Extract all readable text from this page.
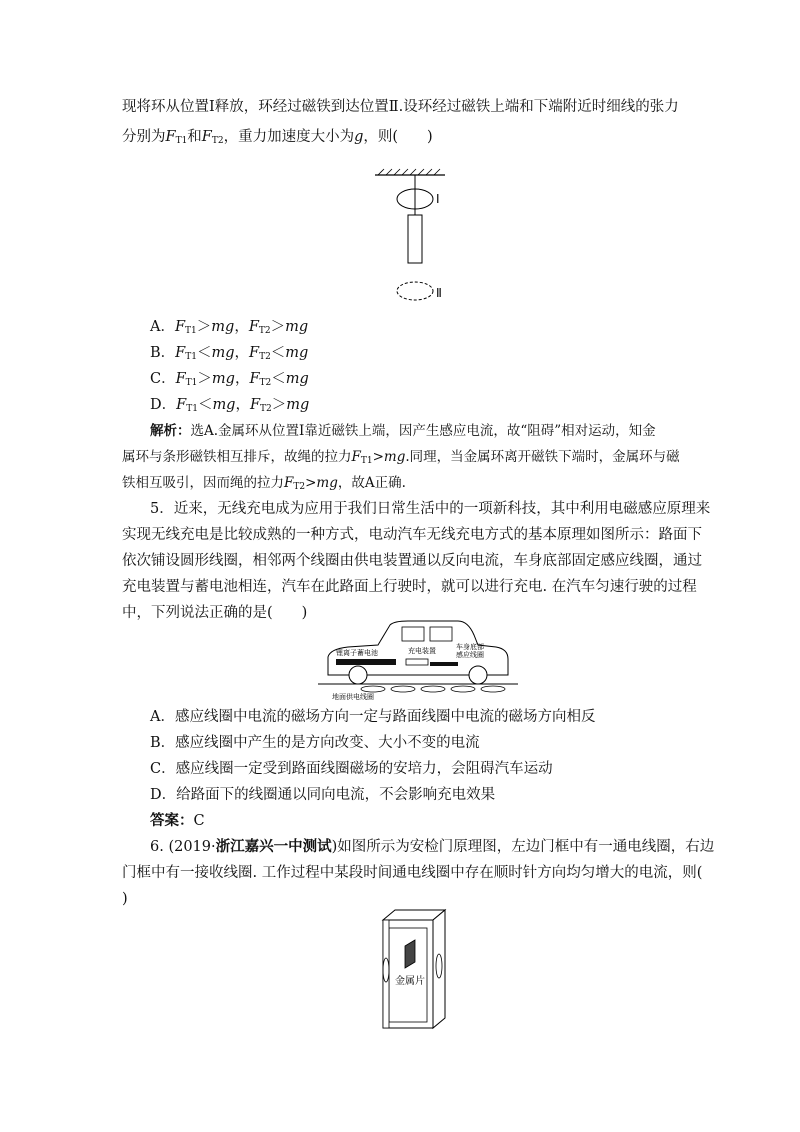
现将环从位置Ⅰ释放，环经过磁铁到达位置Ⅱ.设环经过磁铁上端和下端附近时细线的张力
分别为$F_{T1}$和$F_{T2}$，重力加速度大小为g，则(　　)
Ⅰ
Ⅱ
A．$F_{T1}>mg$，$F_{T2}>mg$
B．$F_{T1}<mg$，$F_{T2}<mg$
C．$F_{T1}>mg$，$F_{T2}<mg$
D．$F_{T1}<mg$，$F_{T2}>mg$
解析：选A.金属环从位置Ⅰ靠近磁铁上端，因产生感应电流，故“阻碍”相对运动，知金
属环与条形磁铁相互排斥，故绳的拉力$F_{T1}>mg$.同理，当金属环离开磁铁下端时，金属环与磁
铁相互吸引，因而绳的拉力$F_{T2}>mg$，故A正确.
5．近来，无线充电成为应用于我们日常生活中的一项新科技，其中利用电磁感应原理来
实现无线充电是比较成熟的一种方式，电动汽车无线充电方式的基本原理如图所示：路面下
依次铺设圆形线圈，相邻两个线圈由供电装置通以反向电流，车身底部固定感应线圈，通过
充电装置与蓄电池相连，汽车在此路面上行驶时，就可以进行充电. 在汽车匀速行驶的过程
中，下列说法正确的是(　　)
锂离子蓄电池	充电装置	车身底部
感应线圈
地面供电线圈
A．感应线圈中电流的磁场方向一定与路面线圈中电流的磁场方向相反
B．感应线圈中产生的是方向改变、大小不变的电流
C．感应线圈一定受到路面线圈磁场的安培力，会阻碍汽车运动
D．给路面下的线圈通以同向电流，不会影响充电效果
答案：C
6. (2019·浙江嘉兴一中测试)如图所示为安检门原理图，左边门框中有一通电线圈，右边
门框中有一接收线圈. 工作过程中某段时间通电线圈中存在顺时针方向均匀增大的电流，则(
)
金属片
